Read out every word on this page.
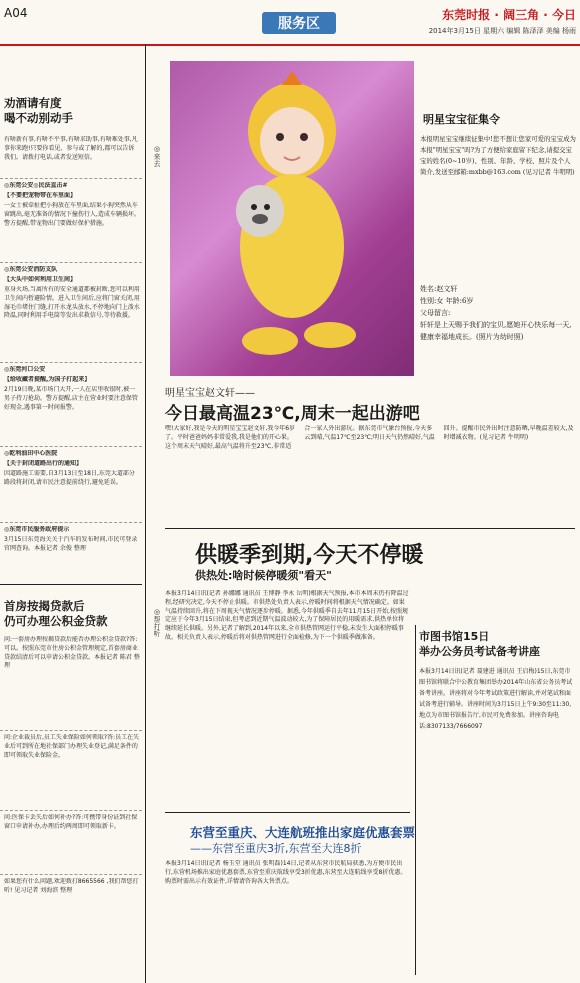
A04
服务区
东莞时报 · 阔三角 · 今日
2014年3月15日 星期六 编辑 陈泽泽 美编 杨雨
劝酒请有度
喝不动别动手
有啥新有事,有啥不平事,有啥求助事,有啥难处事,凡事你来跑!只要你看见、参与或了解的,都可以告诉我们。请拨打电话,或者发送短信。
◎东莞公安◎民法直击#
【不要把宠物带在车里面】
一女士被牵扯把小狗放在车里面,结果小狗突然从车窗跳出,毫无准备的情况下撞伤行人,造成车辆损坏。警方提醒,带宠物出门要做好保护措施。
◎东莞公安消防支队
【大头中如何利用卫生间】
重身火场,当离所有的安全通道都被封断,您可以利用卫生间内暂避险情。进入卫生间后,应将门窗关闭,用湿毛巾堵住门缝,打开水龙头放水,不停地向门上泼水降温,同时利用手电筒等发出求救信号,等待救援。
◎东莞河口公安
【给收藏者提醒,为国子打起来】
2月19日晚,某市场门大开,一人在店里收银时,被一男子持刀抢劫。警方提醒,店主在营业时要注意保管好现金,遇事第一时间报警。
◎乾利油田中心医院
【关于封闭道路出行的通知】
因道路施工需要,自3月13日至18日,东莞大道部分路段将封闭,请市民注意提前绕行,避免延误。
◎东莞市民服务政府提示
3月15日东莞海关关于汽车的发布时间,市民可登录官网查询。本报记者 余俊 整理
首房按揭贷款后
仍可办理公积金贷款
问:一套房办理按揭贷款后能否办理公积金贷款?答:可以。按照东莞市住房公积金管理规定,首套房商业贷款结清后可以申请公积金贷款。本报记者 陈君 整理
问:企业裁员后,员工失业保险如何领取?答:员工在失业后可到所在地社保部门办理失业登记,满足条件的即可领取失业保险金。
问:医保卡丢失后如何补办?答:可携带身份证到社保窗口申请补办,办理后约两周即可领取新卡。
如果您有什么问题,欢迎拨打8665566 ,我们帮您打听! 见习记者 刘海滨 整理
◎来去
◎帮打听
明星宝宝征集令
本报明星宝宝继续征集中!您不想让您家可爱的宝宝成为本报"明星宝宝"吗?为了方便给家庭留下纪念,请提交宝宝的姓名(0~10岁)、性别、年龄、学校、照片及个人简介,发送至邮箱:mxbb@163.com (见习记者 牛明明)
姓名:赵文轩
性别:女 年龄:6岁
父母留言:
轩轩是上天赐予我们的宝贝,愿她开心快乐每一天,健康幸福地成长。(照片为幼时照)
明星宝宝赵文轩——
今日最高温23℃,周末一起出游吧
嘿!大家好,我是今天的明星宝宝赵文轩,我今年6岁了。平时爸爸妈妈非常爱我,我是他们的开心果。这个周末天气晴好,最高气温将升至23℃,非常适合一家人外出游玩。据东莞市气象台预报,今天多云到晴,气温17℃至23℃;明日天气仍然晴好,气温回升。提醒市民外出时注意防晒,早晚温差较大,及时增减衣物。(见习记者 牛明明)
供暖季到期,今天不停暖
供热处:啥时候停暖须"看天"
本报3月14日讯(记者 孙娜娜 通讯员 王博静 李永 岳明)根据天气预报,本市本周末仍有降温过程,经研究决定,今天不停止供暖。市供热处负责人表示,停暖时间将根据天气情况确定。如果气温持续回升,将在下周视天气情况逐步停暖。据悉,今年供暖季自去年11月15日开始,按照规定应于今年3月15日结束,但考虑到近期气温波动较大,为了保障居民的用暖需求,供热单位将继续延长供暖。另外,记者了解到,2014年以来,全市供热管网运行平稳,未发生大面积停暖事故。相关负责人表示,停暖后将对供热管网进行全面检修,为下一个供暖季做准备。	市图书馆15日
举办公务员考试备考讲座
本报3月14日讯(记者 聂建进 通讯员 王启梅)15日,东莞市图书馆将联合中公教育集团举办2014年山东省公务员考试备考讲座。讲座将对今年考试政策进行解读,并对笔试和面试备考进行辅导。讲座时间为3月15日上午9:30至11:30,地点为市图书馆报告厅,市民可免费参加。讲座咨询电话:8307133/7666097
东营至重庆、大连航班推出家庭优惠套票
——东营至重庆3折,东营至大连8折
本报3月14日讯(记者 杨玉堂 通讯员 张明磊)14日,记者从东营市民航局获悉,为方便市民出行,东营机场推出家庭优惠套票,东营至重庆航线享受3折优惠,东营至大连航线享受8折优惠。购票时需出示有效证件,详情请咨询各大售票点。
